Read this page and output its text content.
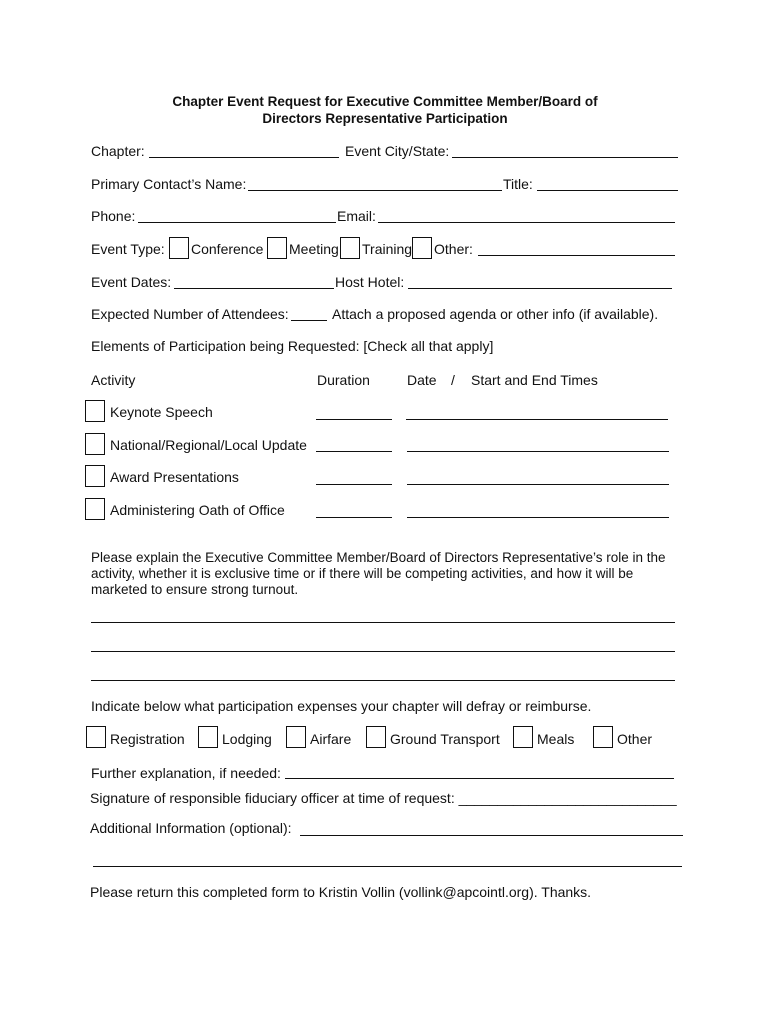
Chapter Event Request for Executive Committee Member/Board of
Directors Representative Participation
Chapter:	Event City/State:
Primary Contact’s Name:	Title:
Phone:	Email:
Event Type: Conference Meeting Training Other:
Event Dates:	Host Hotel:
Expected Number of Attendees:	Attach a proposed agenda or other info (if available).
Elements of Participation being Requested: [Check all that apply]
Activity	Duration	Date / Start and End Times
Keynote Speech
National/Regional/Local Update
Award Presentations
Administering Oath of Office
Please explain the Executive Committee Member/Board of Directors Representative’s role in the activity, whether it is exclusive time or if there will be competing activities, and how it will be marketed to ensure strong turnout.
Indicate below what participation expenses your chapter will defray or reimburse.
Registration	Lodging	Airfare	Ground Transport	Meals	Other
Further explanation, if needed:
Signature of responsible fiduciary officer at time of request: ____________________________
Additional Information (optional):
Please return this completed form to Kristin Vollin (vollink@apcointl.org). Thanks.
